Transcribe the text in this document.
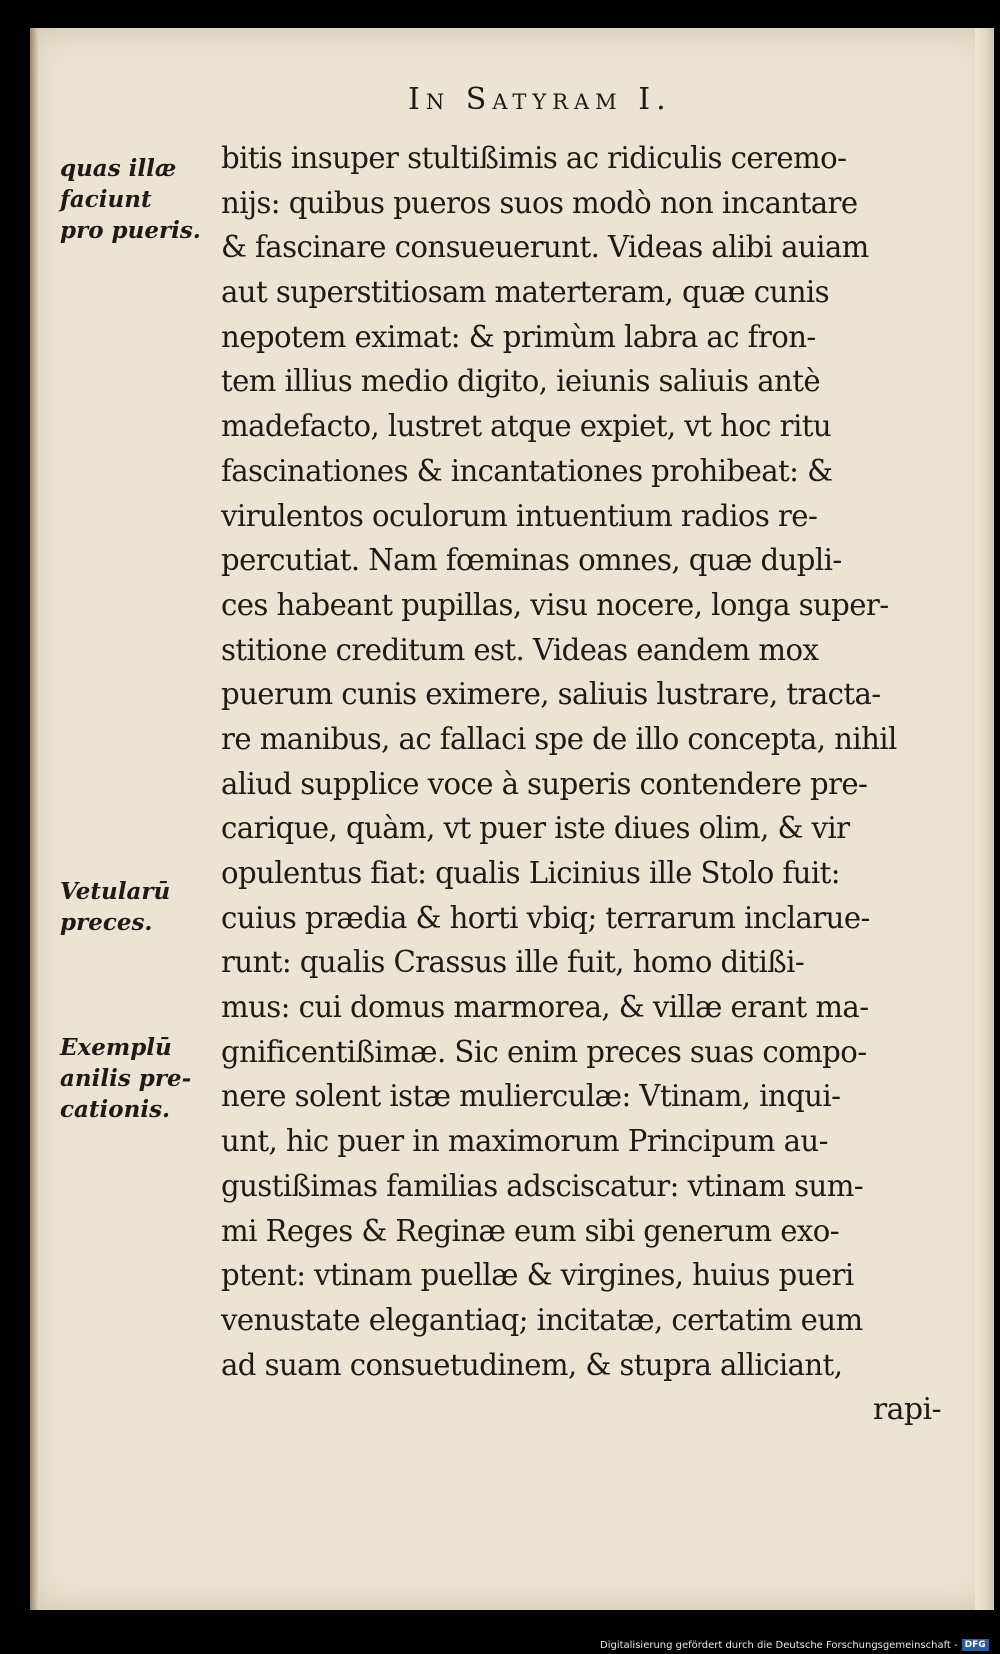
In Satyram I.
bitis insuper stultißimis ac ridiculis ceremo-
nijs: quibus pueros suos modò non incantare
& fascinare consueuerunt. Videas alibi auiam
aut superstitiosam materteram, quæ cunis
nepotem eximat: & primùm labra ac fron-
tem illius medio digito, ieiunis saliuis antè
madefacto, lustret atque expiet, vt hoc ritu
fascinationes & incantationes prohibeat: &
virulentos oculorum intuentium radios re-
percutiat. Nam fœminas omnes, quæ dupli-
ces habeant pupillas, visu nocere, longa super-
stitione creditum est. Videas eandem mox
puerum cunis eximere, saliuis lustrare, tracta-
re manibus, ac fallaci spe de illo concepta, nihil
aliud supplice voce à superis contendere pre-
carique, quàm, vt puer iste diues olim, & vir
opulentus fiat: qualis Licinius ille Stolo fuit:
cuius prædia & horti vbiq; terrarum inclarue-
runt: qualis Crassus ille fuit, homo ditißi-
mus: cui domus marmorea, & villæ erant ma-
gnificentißimæ. Sic enim preces suas compo-
nere solent istæ mulierculæ: Vtinam, inqui-
unt, hic puer in maximorum Principum au-
gustißimas familias adsciscatur: vtinam sum-
mi Reges & Reginæ eum sibi generum exo-
ptent: vtinam puellæ & virgines, huius pueri
venustate elegantiaq; incitatæ, certatim eum
ad suam consuetudinem, & stupra alliciant,
rapi-
quas illæ
faciunt
pro pueris.
Vetularū
preces.
Exemplū
anilis pre-
cationis.
Digitalisierung gefördert durch die Deutsche Forschungsgemeinschaft - DFG
